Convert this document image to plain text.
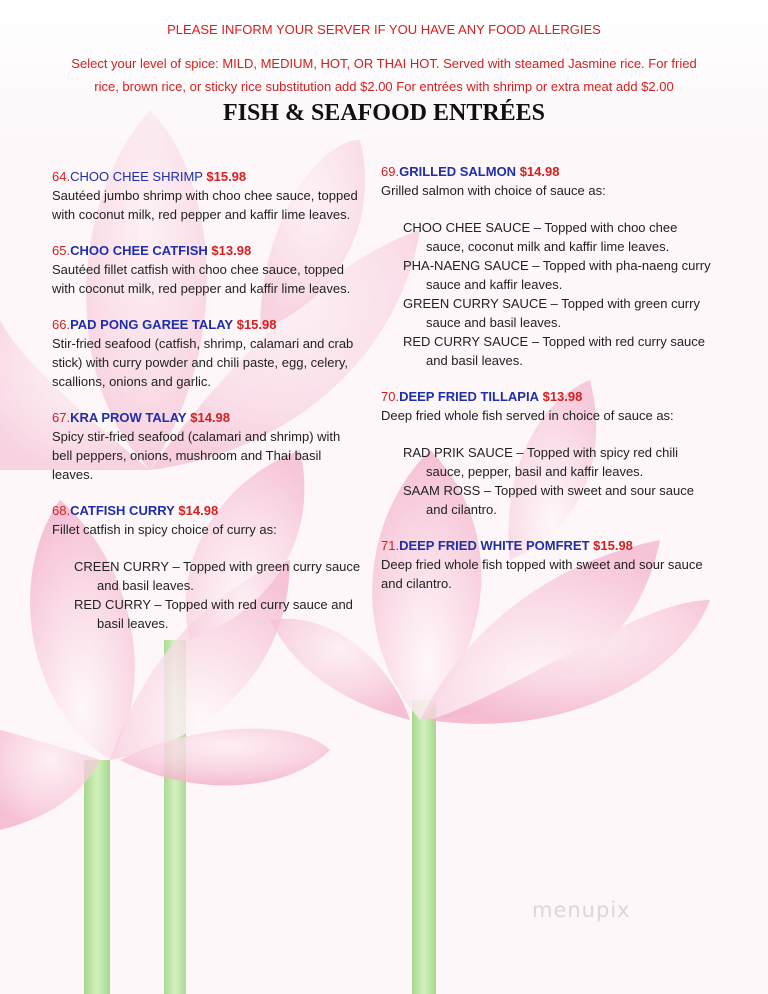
PLEASE INFORM YOUR SERVER IF YOU HAVE ANY FOOD ALLERGIES
Select your level of spice: MILD, MEDIUM, HOT, OR THAI HOT. Served with steamed Jasmine rice. For fried
rice, brown rice, or sticky rice substitution add $2.00 For entrées with shrimp or extra meat add $2.00
FISH & SEAFOOD ENTRÉES
64.CHOO CHEE SHRIMP $15.98

Sautéed jumbo shrimp with choo chee sauce, topped with coconut milk, red pepper and kaffir lime leaves.

65.CHOO CHEE CATFISH $13.98

Sautéed fillet catfish with choo chee sauce, topped with coconut milk, red pepper and kaffir lime leaves.

66.PAD PONG GAREE TALAY $15.98

Stir-fried seafood (catfish, shrimp, calamari and crab stick) with curry powder and chili paste, egg, celery, scallions, onions and garlic.

67.KRA PROW TALAY $14.98

Spicy stir-fried seafood (calamari and shrimp) with bell peppers, onions, mushroom and Thai basil leaves.

68.CATFISH CURRY $14.98

Fillet catfish in spicy choice of curry as:

CREEN CURRY – Topped with green curry sauce and basil leaves.
RED CURRY – Topped with red curry sauce and basil leaves.
69.GRILLED SALMON $14.98

Grilled salmon with choice of sauce as:

CHOO CHEE SAUCE – Topped with choo chee sauce, coconut milk and kaffir lime leaves.
PHA-NAENG SAUCE – Topped with pha-naeng curry sauce and kaffir leaves.
GREEN CURRY SAUCE – Topped with green curry sauce and basil leaves.
RED CURRY SAUCE – Topped with red curry sauce and basil leaves.
70.DEEP FRIED TILLAPIA $13.98

Deep fried whole fish served in choice of sauce as:

RAD PRIK SAUCE – Topped with spicy red chili sauce, pepper, basil and kaffir leaves.
SAAM ROSS – Topped with sweet and sour sauce and cilantro.
71.DEEP FRIED WHITE POMFRET $15.98

Deep fried whole fish topped with sweet and sour sauce and cilantro.

menupix
